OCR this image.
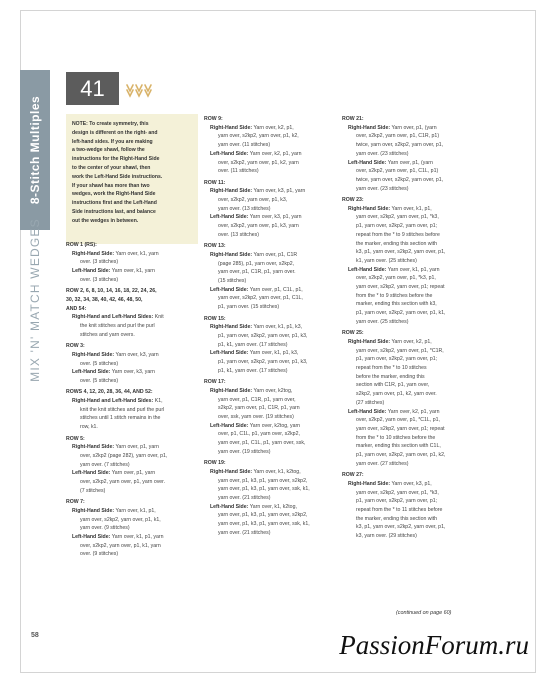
8-Stitch Multiples
MIX 'N' MATCH WEDGES
58
41
NOTE: To create symmetry, this
design is different on the right- and
left-hand sides. If you are making
a two-wedge shawl, follow the
instructions for the Right-Hand Side
to the center of your shawl, then
work the Left-Hand Side instructions.
If your shawl has more than two
wedges, work the Right-Hand Side
instructions first and the Left-Hand
Side instructions last, and balance
out the wedges in between.
ROW 1 (RS):
Right-Hand Side: Yarn over, k1, yarn
over. (3 stitches)
Left-Hand Side: Yarn over, k1, yarn
over. (3 stitches)
ROW 2, 6, 8, 10, 14, 16, 18, 22, 24, 26,
30, 32, 34, 38, 40, 42, 46, 48, 50,
AND 54:
Right-Hand and Left-Hand Sides: Knit
the knit stitches and purl the purl
stitches and yarn overs.
ROW 3:
Right-Hand Side: Yarn over, k3, yarn
over. (5 stitches)
Left-Hand Side: Yarn over, k3, yarn
over. (5 stitches)
ROWS 4, 12, 20, 28, 36, 44, AND 52:
Right-Hand and Left-Hand Sides: K1,
knit the knit stitches and purl the purl
stitches until 1 stitch remains in the
row, k1.
ROW 5:
Right-Hand Side: Yarn over, p1, yarn
over, s2kp2 (page 282), yarn over, p1,
yarn over. (7 stitches)
Left-Hand Side: Yarn over, p1, yarn
over, s2kp2, yarn over, p1, yarn over.
(7 stitches)
ROW 7:
Right-Hand Side: Yarn over, k1, p1,
yarn over, s2kp2, yarn over, p1, k1,
yarn over. (9 stitches)
Left-Hand Side: Yarn over, k1, p1, yarn
over, s2kp2, yarn over, p1, k1, yarn
over. (9 stitches)
ROW 9:
Right-Hand Side: Yarn over, k2, p1,
yarn over, s2kp2, yarn over, p1, k2,
yarn over. (11 stitches)
Left-Hand Side: Yarn over, k2, p1, yarn
over, s2kp2, yarn over, p1, k2, yarn
over. (11 stitches)
ROW 11:
Right-Hand Side: Yarn over, k3, p1, yarn
over, s2kp2, yarn over, p1, k3,
yarn over. (13 stitches)
Left-Hand Side: Yarn over, k3, p1, yarn
over, s2kp2, yarn over, p1, k3, yarn
over. (13 stitches)
ROW 13:
Right-Hand Side: Yarn over, p1, C1R
(page 285), p1, yarn over, s2kp2,
yarn over, p1, C1R, p1, yarn over.
(15 stitches)
Left-Hand Side: Yarn over, p1, C1L, p1,
yarn over, s2kp2, yarn over, p1, C1L,
p1, yarn over. (15 stitches)
ROW 15:
Right-Hand Side: Yarn over, k1, p1, k3,
p1, yarn over, s2kp2, yarn over, p1, k3,
p1, k1, yarn over. (17 stitches)
Left-Hand Side: Yarn over, k1, p1, k3,
p1, yarn over, s2kp2, yarn over, p1, k3,
p1, k1, yarn over. (17 stitches)
ROW 17:
Right-Hand Side: Yarn over, k2tog,
yarn over, p1, C1R, p1, yarn over,
s2kp2, yarn over, p1, C1R, p1, yarn
over, ssk, yarn over. (19 stitches)
Left-Hand Side: Yarn over, k2tog, yarn
over, p1, C1L, p1, yarn over, s2kp2,
yarn over, p1, C1L, p1, yarn over, ssk,
yarn over. (19 stitches)
ROW 19:
Right-Hand Side: Yarn over, k1, k2tog,
yarn over, p1, k3, p1, yarn over, s2kp2,
yarn over, p1, k3, p1, yarn over, ssk, k1,
yarn over. (21 stitches)
Left-Hand Side: Yarn over, k1, k2tog,
yarn over, p1, k3, p1, yarn over, s2kp2,
yarn over, p1, k3, p1, yarn over, ssk, k1,
yarn over. (21 stitches)
ROW 21:
Right-Hand Side: Yarn over, p1, (yarn
over, s2kp2, yarn over, p1, C1R, p1)
twice, yarn over, s2kp2, yarn over, p1,
yarn over. (23 stitches)
Left-Hand Side: Yarn over, p1, (yarn
over, s2kp2, yarn over, p1, C1L, p1)
twice, yarn over, s2kp2, yarn over, p1,
yarn over. (23 stitches)
ROW 23:
Right-Hand Side: Yarn over, k1, p1,
yarn over, s2kp2, yarn over, p1, *k3,
p1, yarn over, s2kp2, yarn over, p1;
repeat from the * to 9 stitches before
the marker, ending this section with
k3, p1, yarn over, s2kp2, yarn over, p1,
k1, yarn over. (25 stitches)
Left-Hand Side: Yarn over, k1, p1, yarn
over, s2kp2, yarn over, p1, *k3, p1,
yarn over, s2kp2, yarn over, p1; repeat
from the * to 9 stitches before the
marker, ending this section with k3,
p1, yarn over, s2kp2, yarn over, p1, k1,
yarn over. (25 stitches)
ROW 25:
Right-Hand Side: Yarn over, k2, p1,
yarn over, s2kp2, yarn over, p1, *C1R,
p1, yarn over, s2kp2, yarn over, p1;
repeat from the * to 10 stitches
before the marker, ending this
section with C1R, p1, yarn over,
s2kp2, yarn over, p1, k2, yarn over.
(27 stitches)
Left-Hand Side: Yarn over, k2, p1, yarn
over, s2kp2, yarn over, p1, *C1L, p1,
yarn over, s2kp2, yarn over, p1; repeat
from the * to 10 stitches before the
marker, ending this section with C1L,
p1, yarn over, s2kp2, yarn over, p1, k2,
yarn over. (27 stitches)
ROW 27:
Right-Hand Side: Yarn over, k3, p1,
yarn over, s2kp2, yarn over, p1, *k3,
p1, yarn over, s2kp2, yarn over, p1;
repeat from the * to 11 stitches before
the marker, ending this section with
k3, p1, yarn over, s2kp2, yarn over, p1,
k3, yarn over. (29 stitches)
(continued on page 60)
PassionForum.ru
